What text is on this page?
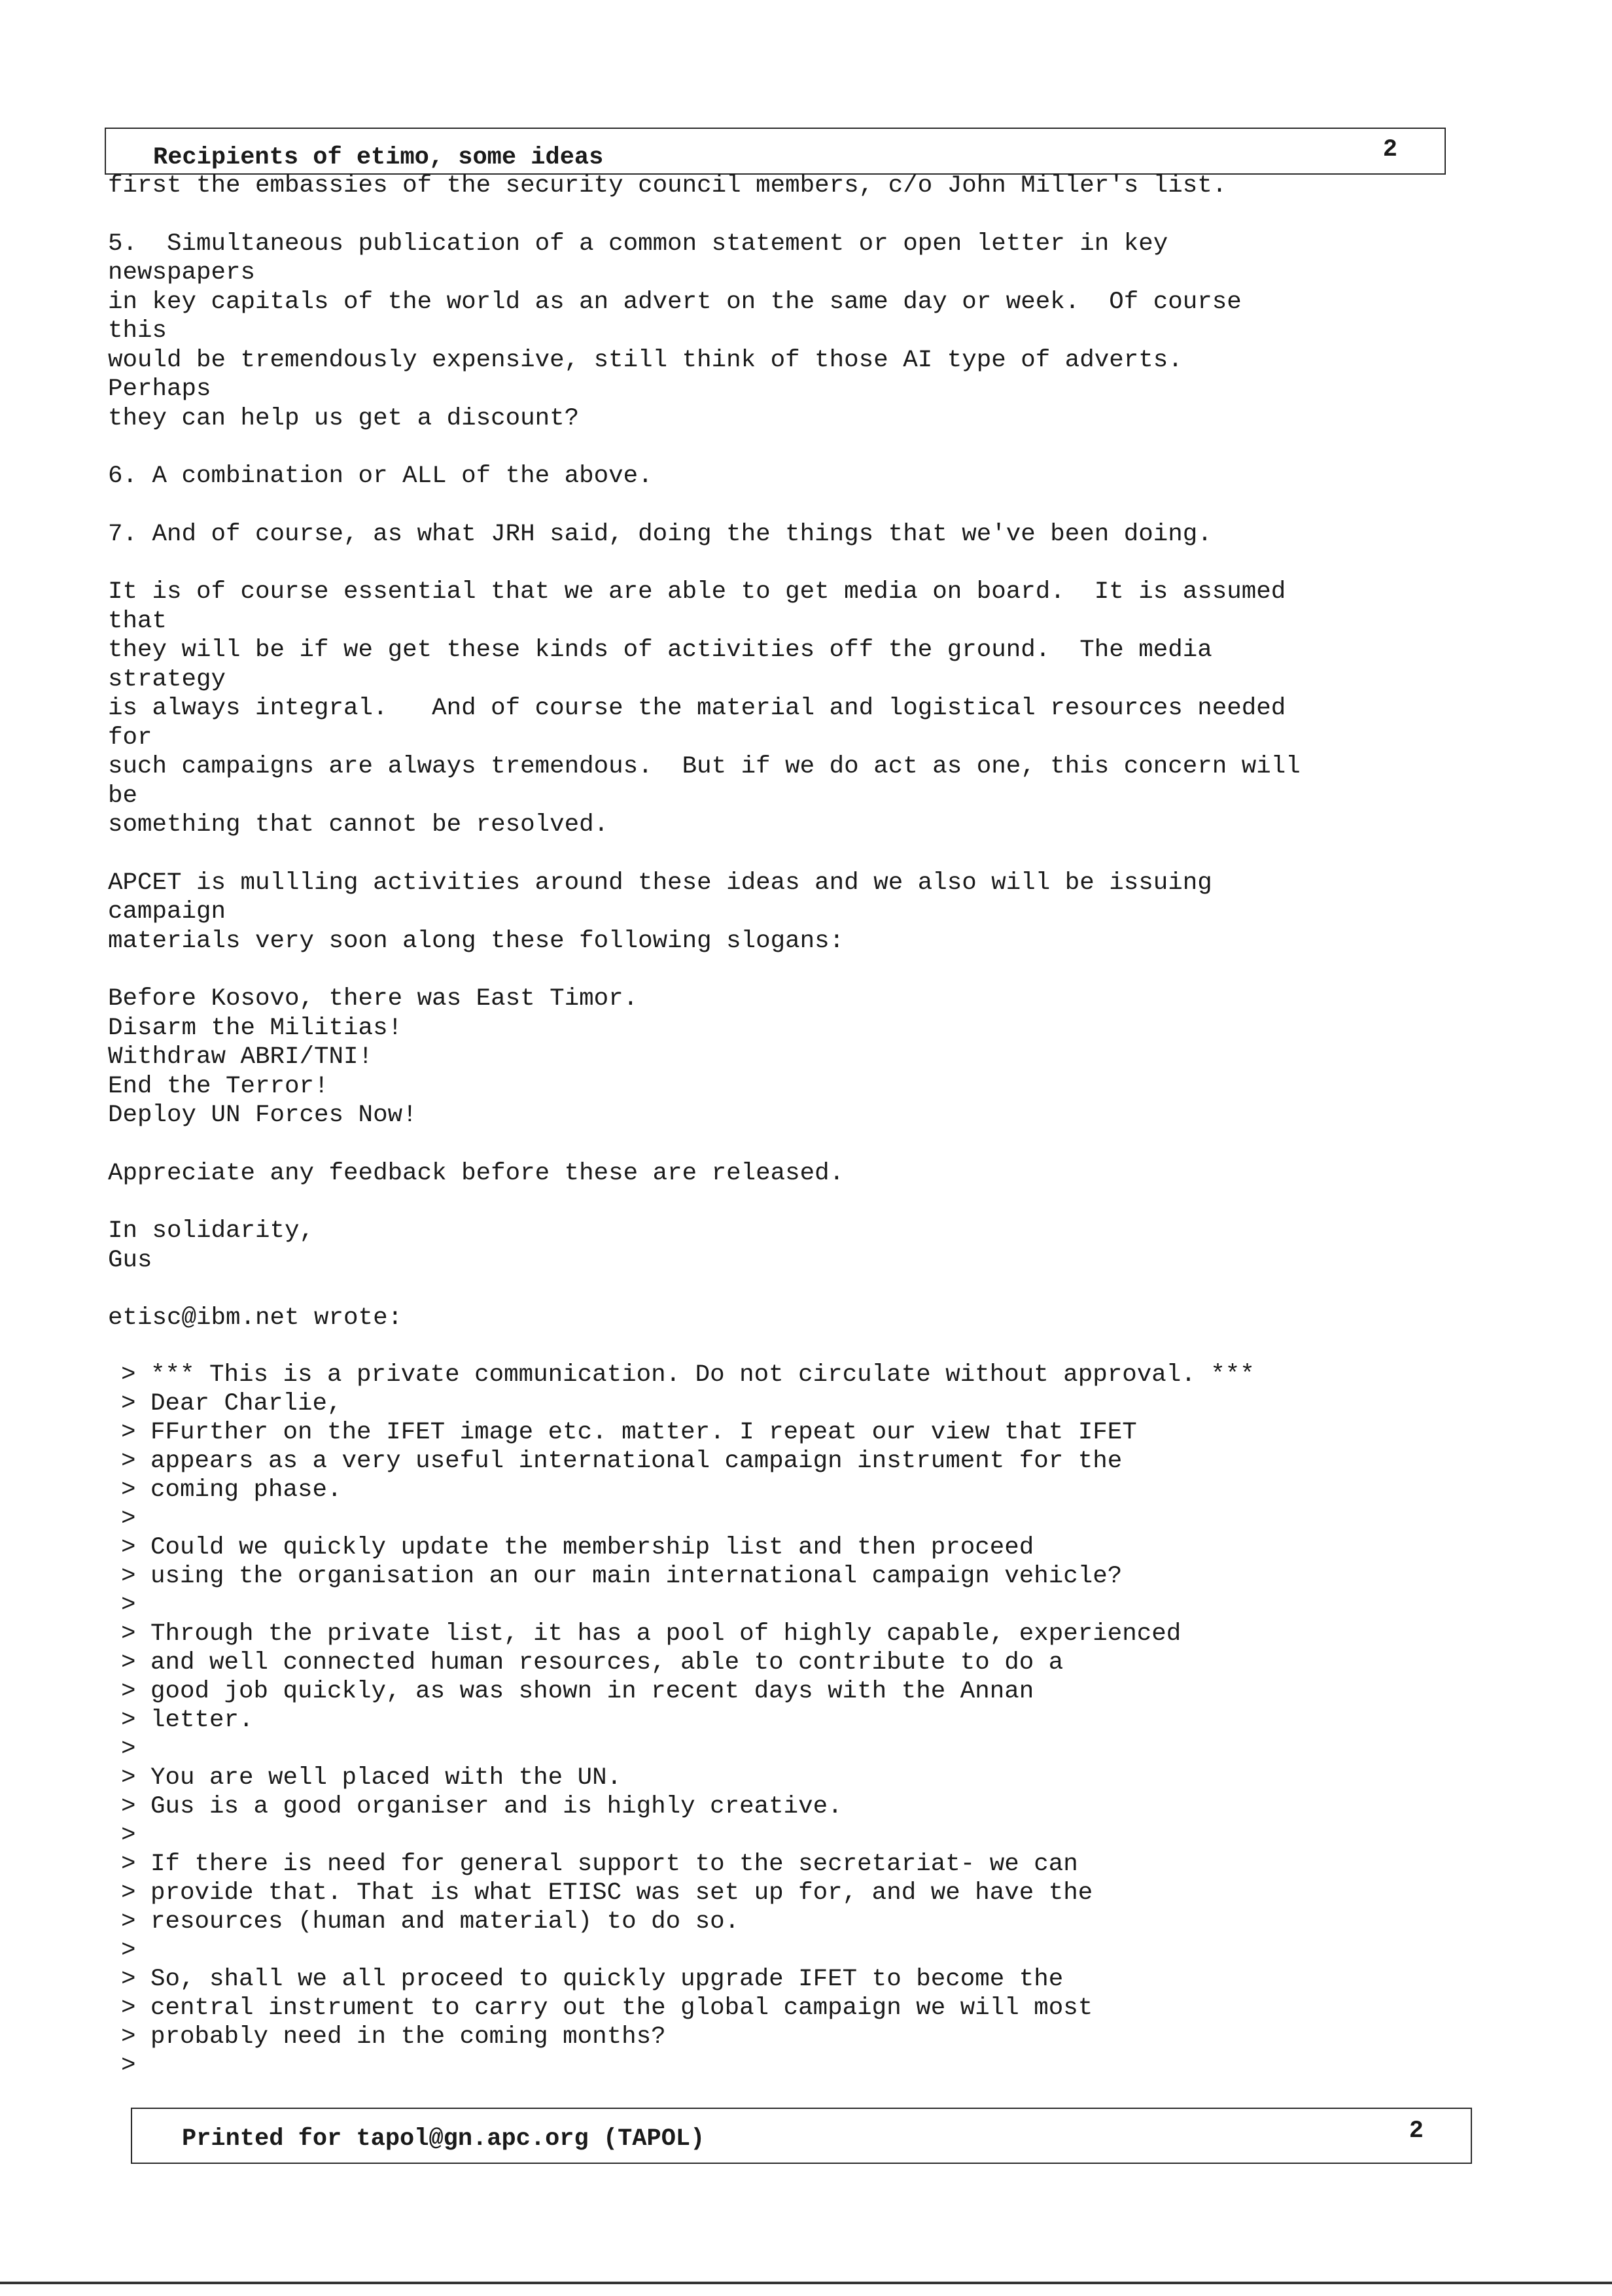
Recipients of etimo, some ideas	2
first the embassies of the security council members, c/o John Miller's list.
5.  Simultaneous publication of a common statement or open letter in key
newspapers
in key capitals of the world as an advert on the same day or week.  Of course
this
would be tremendously expensive, still think of those AI type of adverts.
Perhaps
they can help us get a discount?
6. A combination or ALL of the above.
7. And of course, as what JRH said, doing the things that we've been doing.
It is of course essential that we are able to get media on board.  It is assumed
that
they will be if we get these kinds of activities off the ground.  The media
strategy
is always integral.   And of course the material and logistical resources needed
for
such campaigns are always tremendous.  But if we do act as one, this concern will
be
something that cannot be resolved.
APCET is mullling activities around these ideas and we also will be issuing
campaign
materials very soon along these following slogans:
Before Kosovo, there was East Timor.
Disarm the Militias!
Withdraw ABRI/TNI!
End the Terror!
Deploy UN Forces Now!
Appreciate any feedback before these are released.
In solidarity,
Gus
etisc@ibm.net wrote:
> *** This is a private communication. Do not circulate without approval. ***
> Dear Charlie,
> FFurther on the IFET image etc. matter. I repeat our view that IFET
> appears as a very useful international campaign instrument for the
> coming phase.
>
> Could we quickly update the membership list and then proceed
> using the organisation an our main international campaign vehicle?
>
> Through the private list, it has a pool of highly capable, experienced
> and well connected human resources, able to contribute to do a
> good job quickly, as was shown in recent days with the Annan
> letter.
>
> You are well placed with the UN.
> Gus is a good organiser and is highly creative.
>
> If there is need for general support to the secretariat- we can
> provide that. That is what ETISC was set up for, and we have the
> resources (human and material) to do so.
>
> So, shall we all proceed to quickly upgrade IFET to become the
> central instrument to carry out the global campaign we will most
> probably need in the coming months?
>
Printed for tapol@gn.apc.org (TAPOL)	2
